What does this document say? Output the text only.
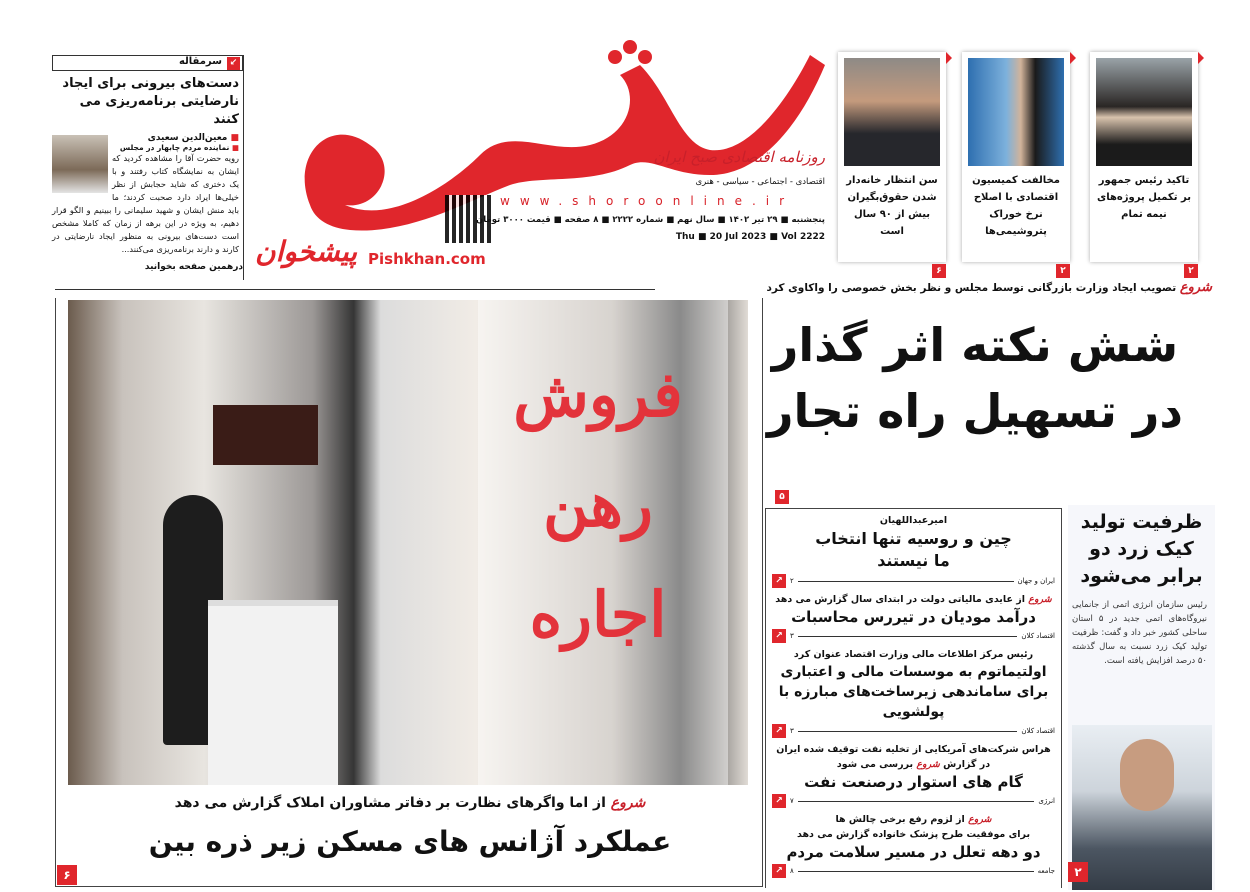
↙ سرمقاله
دست‌های بیرونی برای ایجاد نارضایتی برنامه‌ریزی می کنند
■ معین‌الدین سعیدی
■ نماینده مردم چابهار در مجلس

رویه حضرت آقا را مشاهده کردید که ایشان به نمایشگاه کتاب رفتند و با یک دختری که شاید حجابش از نظر خیلی‌ها ایراد دارد صحبت کردند؛ ما باید منش ایشان و شهید سلیمانی را ببینیم و الگو قرار دهیم، به ویژه در این برهه از زمان که کاملا مشخص است دست‌های بیرونی به منظور ایجاد نارضایتی در کارند و دارند برنامه‌ریزی می‌کنند...

درهمین صفحه بخوانید
روزنامه اقتصادی صبح ایران
اقتصادی - اجتماعی - سیاسی - هنری
www.shoroonline.ir
پنجشنبه ■ ۲۹ تیر ۱۴۰۲ ■ سال نهم ■ شماره ۲۲۲۲ ■ ۸ صفحه ■ قیمت ۳۰۰۰ تومان
Thu ■ 20 Jul 2023 ■ Vol 2222
پیشخوان Pishkhan.com
تاکید رئیس جمهور بر تکمیل پروژه‌های نیمه تمام
۲
مخالفت کمیسیون اقتصادی با اصلاح نرخ خوراک پتروشیمی‌ها
۲
سن انتظار خانه‌دار شدن حقوق‌بگیران بیش از ۹۰ سال است
۶
شروع تصویب ایجاد وزارت بازرگانی توسط مجلس و نظر بخش خصوصی را واکاوی کرد
شش نکته اثر گذار در تسهیل راه تجار
۵
فروش رهن اجاره
شروع از اما واگرهای نظارت بر دفاتر مشاوران املاک گزارش می دهد
عملکرد آژانس های مسکن زیر ذره بین
۶
امیرعبداللهیان
چین و روسیه تنها انتخاب ما نیستند
ایران و جهان
۲
↗
شروع از عایدی مالیاتی دولت در ابتدای سال گزارش می دهد
درآمد مودیان در تیررس محاسبات
اقتصاد کلان
۳
↗
رئیس مرکز اطلاعات مالی وزارت اقتصاد عنوان کرد
اولتیماتوم به موسسات مالی و اعتباری برای ساماندهی زیرساخت‌های مبارزه با پولشویی
اقتصاد کلان
۳
↗
هراس شرکت‌های آمریکایی از تخلیه نفت توقیف شده ایران
در گزارش شروع بررسی می شود
گام های استوار درصنعت نفت
انرژی
۷
↗
شروع از لزوم رفع برخی چالش ها
برای موفقیت طرح پزشک خانواده گزارش می دهد
دو دهه تعلل در مسیر سلامت مردم
جامعه
۸
↗
ظرفیت تولید کیک زرد دو برابر می‌شود

رئیس سازمان انرژی اتمی از جانمایی نیروگاه‌های اتمی جدید در ۵ استان ساحلی کشور خبر داد و گفت: ظرفیت تولید کیک زرد نسبت به سال گذشته ۵۰ درصد افزایش یافته است.

۲
